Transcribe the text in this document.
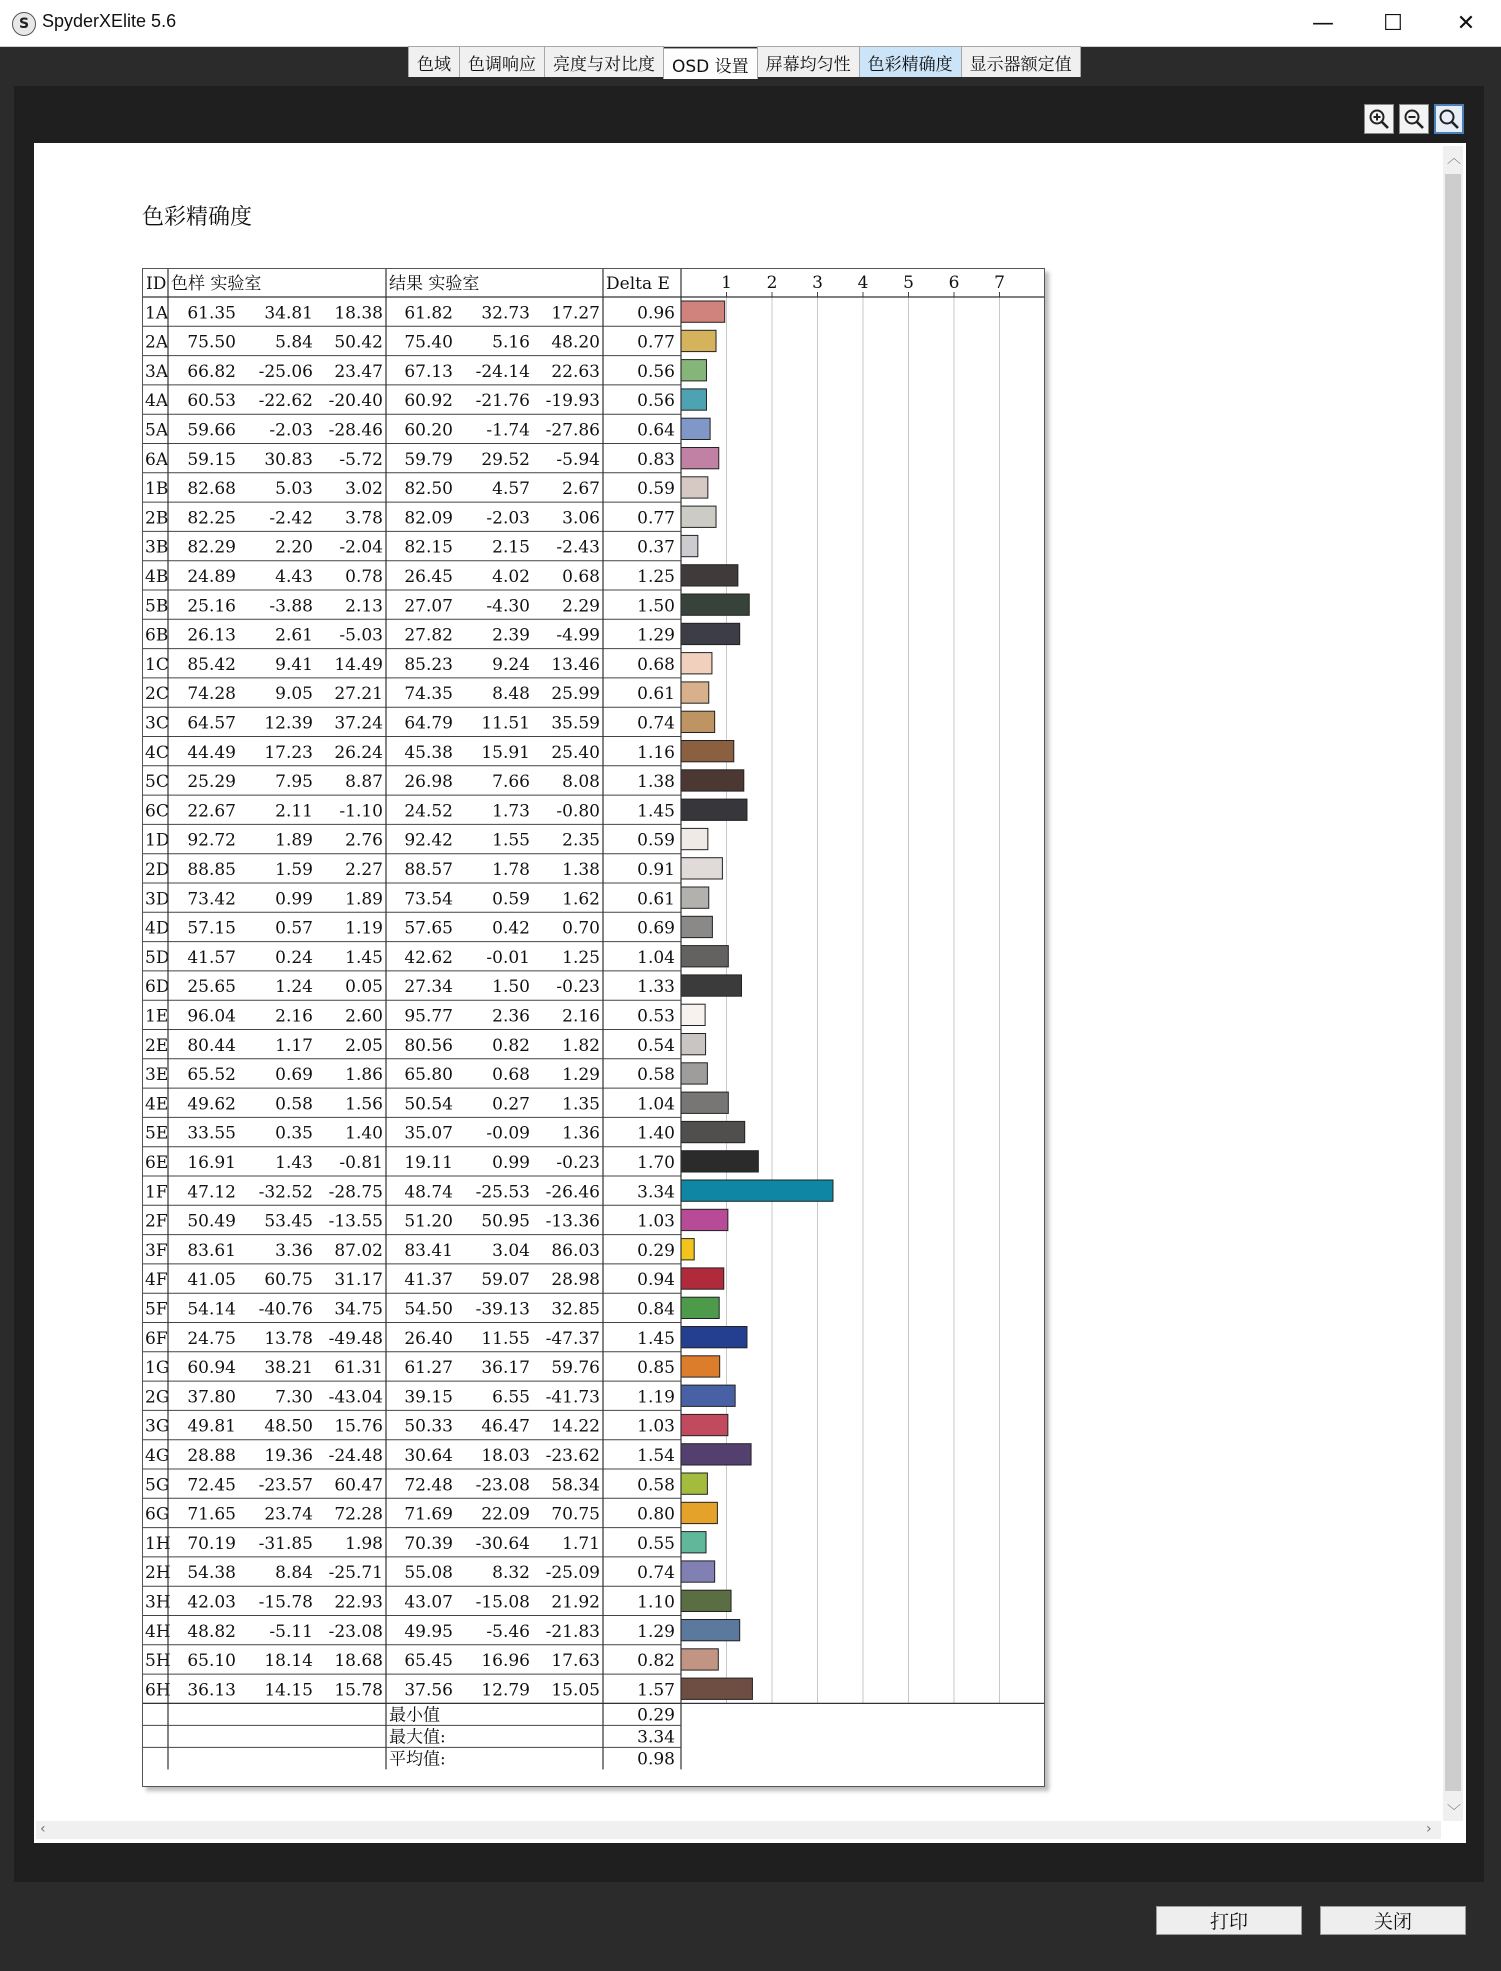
S SpyderXElite 5.6	—	☐
色域	色调响应	亮度与对比度	OSD 设置	屏幕均匀性	色彩精确度	显示器额定值
︿
﹀
‹	›
色彩精确度
1 2 3 4 5 6 7
ID 色样 实验室	结果 实验室	Delta E
1A 61.35 34.81 18.38 61.82 32.73 17.27 0.96
2A 75.50 5.84 50.42 75.40 5.16 48.20 0.77
3A 66.82 -25.06 23.47 67.13 -24.14 22.63 0.56
4A 60.53 -22.62 -20.40 60.92 -21.76 -19.93 0.56
5A 59.66 -2.03 -28.46 60.20 -1.74 -27.86 0.64
6A 59.15 30.83 -5.72 59.79 29.52 -5.94 0.83
1B 82.68 5.03 3.02 82.50 4.57 2.67 0.59
2B 82.25 -2.42 3.78 82.09 -2.03 3.06 0.77
3B 82.29 2.20 -2.04 82.15 2.15 -2.43 0.37
4B 24.89 4.43 0.78 26.45 4.02 0.68 1.25
5B 25.16 -3.88 2.13 27.07 -4.30 2.29 1.50
6B 26.13 2.61 -5.03 27.82 2.39 -4.99 1.29
1C 85.42 9.41 14.49 85.23 9.24 13.46 0.68
2C 74.28 9.05 27.21 74.35 8.48 25.99 0.61
3C 64.57 12.39 37.24 64.79 11.51 35.59 0.74
4C 44.49 17.23 26.24 45.38 15.91 25.40 1.16
5C 25.29 7.95 8.87 26.98 7.66 8.08 1.38
6C 22.67 2.11 -1.10 24.52 1.73 -0.80 1.45
1D 92.72 1.89 2.76 92.42 1.55 2.35 0.59
2D 88.85 1.59 2.27 88.57 1.78 1.38 0.91
3D 73.42 0.99 1.89 73.54 0.59 1.62 0.61
4D 57.15 0.57 1.19 57.65 0.42 0.70 0.69
5D 41.57 0.24 1.45 42.62 -0.01 1.25 1.04
6D 25.65 1.24 0.05 27.34 1.50 -0.23 1.33
1E 96.04 2.16 2.60 95.77 2.36 2.16 0.53
2E 80.44 1.17 2.05 80.56 0.82 1.82 0.54
3E 65.52 0.69 1.86 65.80 0.68 1.29 0.58
4E 49.62 0.58 1.56 50.54 0.27 1.35 1.04
5E 33.55 0.35 1.40 35.07 -0.09 1.36 1.40
6E 16.91 1.43 -0.81 19.11 0.99 -0.23 1.70
1F 47.12 -32.52 -28.75 48.74 -25.53 -26.46 3.34
2F 50.49 53.45 -13.55 51.20 50.95 -13.36 1.03
3F 83.61 3.36 87.02 83.41 3.04 86.03 0.29
4F 41.05 60.75 31.17 41.37 59.07 28.98 0.94
5F 54.14 -40.76 34.75 54.50 -39.13 32.85 0.84
6F 24.75 13.78 -49.48 26.40 11.55 -47.37 1.45
1G 60.94 38.21 61.31 61.27 36.17 59.76 0.85
2G 37.80 7.30 -43.04 39.15 6.55 -41.73 1.19
3G 49.81 48.50 15.76 50.33 46.47 14.22 1.03
4G 28.88 19.36 -24.48 30.64 18.03 -23.62 1.54
5G 72.45 -23.57 60.47 72.48 -23.08 58.34 0.58
6G 71.65 23.74 72.28 71.69 22.09 70.75 0.80
1H 70.19 -31.85 1.98 70.39 -30.64 1.71 0.55
2H 54.38 8.84 -25.71 55.08 8.32 -25.09 0.74
3H 42.03 -15.78 22.93 43.07 -15.08 21.92 1.10
4H 48.82 -5.11 -23.08 49.95 -5.46 -21.83 1.29
5H 65.10 18.14 18.68 65.45 16.96 17.63 0.82
6H 36.13 14.15 15.78 37.56 12.79 15.05 1.57
最小值	0.29
最大值:	3.34
平均值:	0.98
打印	关闭
✕
